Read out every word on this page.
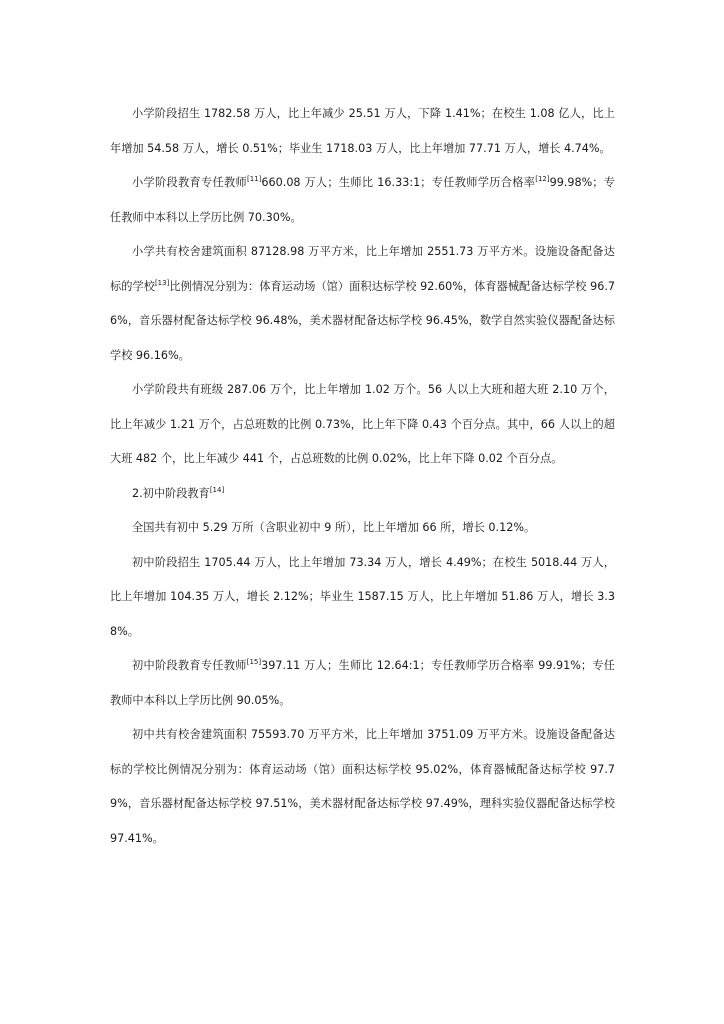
小学阶段招生 1782.58 万人，比上年减少 25.51 万人，下降 1.41%；在校生 1.08 亿人，比上年增加 54.58 万人，增长 0.51%；毕业生 1718.03 万人，比上年增加 77.71 万人，增长 4.74%。

小学阶段教育专任教师[11]660.08 万人；生师比 16.33:1；专任教师学历合格率[12]99.98%；专任教师中本科以上学历比例 70.30%。

小学共有校舍建筑面积 87128.98 万平方米，比上年增加 2551.73 万平方米。设施设备配备达标的学校[13]比例情况分别为：体育运动场（馆）面积达标学校 92.60%，体育器械配备达标学校 96.76%，音乐器材配备达标学校 96.48%，美术器材配备达标学校 96.45%，数学自然实验仪器配备达标学校 96.16%。

小学阶段共有班级 287.06 万个，比上年增加 1.02 万个。56 人以上大班和超大班 2.10 万个，比上年减少 1.21 万个，占总班数的比例 0.73%，比上年下降 0.43 个百分点。其中，66 人以上的超大班 482 个，比上年减少 441 个，占总班数的比例 0.02%，比上年下降 0.02 个百分点。

2.初中阶段教育[14]

全国共有初中 5.29 万所（含职业初中 9 所），比上年增加 66 所，增长 0.12%。

初中阶段招生 1705.44 万人，比上年增加 73.34 万人，增长 4.49%；在校生 5018.44 万人，比上年增加 104.35 万人，增长 2.12%；毕业生 1587.15 万人，比上年增加 51.86 万人，增长 3.38%。

初中阶段教育专任教师[15]397.11 万人；生师比 12.64:1；专任教师学历合格率 99.91%；专任教师中本科以上学历比例 90.05%。

初中共有校舍建筑面积 75593.70 万平方米，比上年增加 3751.09 万平方米。设施设备配备达标的学校比例情况分别为：体育运动场（馆）面积达标学校 95.02%，体育器械配备达标学校 97.79%，音乐器材配备达标学校 97.51%，美术器材配备达标学校 97.49%，理科实验仪器配备达标学校 97.41%。
